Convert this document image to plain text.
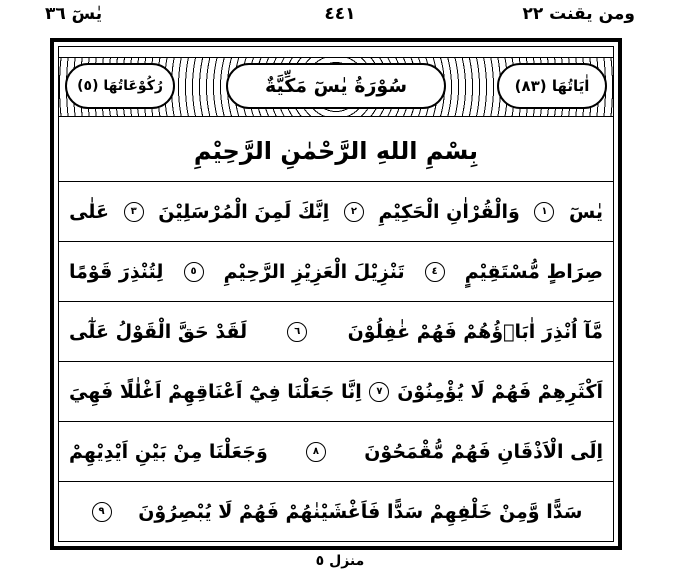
ومن يقنت ٢٢
٤٤١
يٰسٓ ٣٦
اٰيَاتُهَا (٨٣)
سُوْرَةُ يٰسٓ مَكِّيَّةٌ
رُكُوْعَاتُهَا (٥)
بِسْمِ اللهِ الرَّحْمٰنِ الرَّحِيْمِ
يٰسٓ
١
وَالْقُرْاٰنِ الْحَكِيْمِ
٢
اِنَّكَ لَمِنَ الْمُرْسَلِيْنَ
٣
عَلٰى
صِرَاطٍ مُّسْتَقِيْمٍ
٤
تَنْزِيْلَ الْعَزِيْزِ الرَّحِيْمِ
٥
لِتُنْذِرَ قَوْمًا
مَّآ اُنْذِرَ اٰبَاۤؤُهُمْ فَهُمْ غٰفِلُوْنَ
٦
لَقَدْ حَقَّ الْقَوْلُ عَلٰٓى
اَكْثَرِهِمْ فَهُمْ لَا يُؤْمِنُوْنَ
٧
اِنَّا جَعَلْنَا فِيْٓ اَعْنَاقِهِمْ اَغْلٰلًا فَهِيَ
اِلَى الْاَذْقَانِ فَهُمْ مُّقْمَحُوْنَ
٨
وَجَعَلْنَا مِنْ بَيْنِ اَيْدِيْهِمْ
سَدًّا وَّمِنْ خَلْفِهِمْ سَدًّا فَاَغْشَيْنٰهُمْ فَهُمْ لَا يُبْصِرُوْنَ
٩
منزل ٥
